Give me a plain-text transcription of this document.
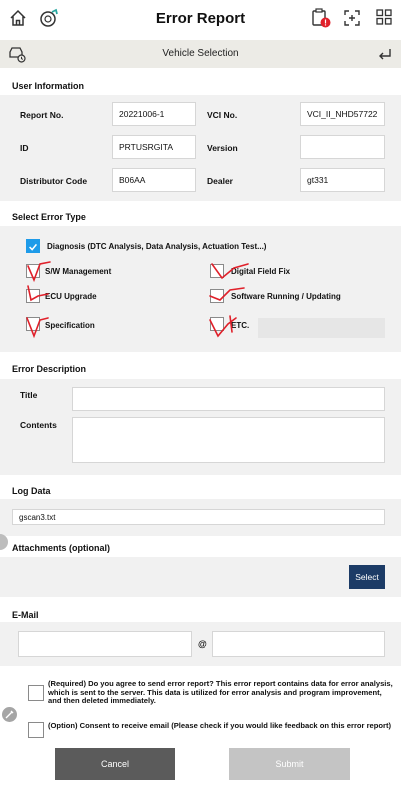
Error Report
Vehicle Selection
User Information
Report No.	20221006-1	VCI No.	VCI_II_NHD57722
ID	PRTUSRGITA	Version
Distributor Code	B06AA	Dealer	gt331
Select Error Type
Diagnosis (DTC Analysis, Data Analysis, Actuation Test...)
S/W Management	Digital Field Fix
ECU Upgrade	Software Running / Updating
Specification	ETC.
Error Description
Title
Contents
Log Data
gscan3.txt
Attachments (optional)
Select
E-Mail
@
(Required) Do you agree to send error report? This error report contains data for error analysis, which is sent to the server. This data is utilized for error analysis and program improvement, and then deleted immediately.
(Option) Consent to receive email (Please check if you would like feedback on this error report)
Cancel	Submit
